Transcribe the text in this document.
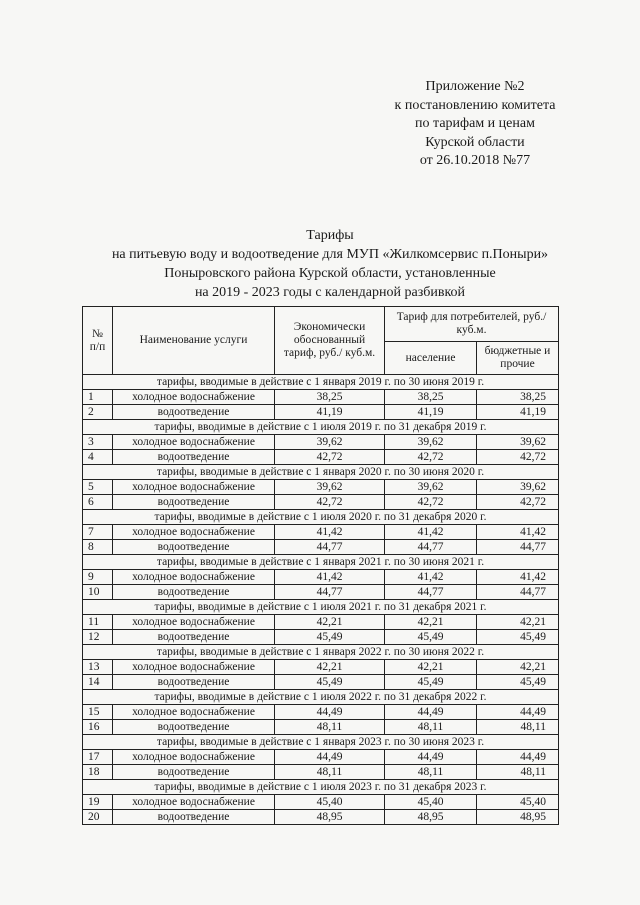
Приложение №2
к постановлению комитета
по тарифам и ценам
Курской области
от 26.10.2018 №77
Тарифы
на питьевую воду и водоотведение для МУП «Жилкомсервис п.Поныри»
Поныровского района Курской области, установленные
на 2019 - 2023 годы с календарной разбивкой
№ п/п	Наименование услуги	Экономически обоснованный тариф, руб./ куб.м.	Тариф для потребителей, руб./куб.м.	
			население	бюджетные и прочие
тарифы, вводимые в действие с 1 января 2019 г. по 30 июня 2019 г.				
1	холодное водоснабжение	38,25	38,25	38,25
2	водоотведение	41,19	41,19	41,19
тарифы, вводимые в действие с 1 июля 2019 г. по 31 декабря 2019 г.				
3	холодное водоснабжение	39,62	39,62	39,62
4	водоотведение	42,72	42,72	42,72
тарифы, вводимые в действие с 1 января 2020 г. по 30 июня 2020 г.				
5	холодное водоснабжение	39,62	39,62	39,62
6	водоотведение	42,72	42,72	42,72
тарифы, вводимые в действие с 1 июля 2020 г. по 31 декабря 2020 г.				
7	холодное водоснабжение	41,42	41,42	41,42
8	водоотведение	44,77	44,77	44,77
тарифы, вводимые в действие с 1 января 2021 г. по 30 июня 2021 г.				
9	холодное водоснабжение	41,42	41,42	41,42
10	водоотведение	44,77	44,77	44,77
тарифы, вводимые в действие с 1 июля 2021 г. по 31 декабря 2021 г.				
11	холодное водоснабжение	42,21	42,21	42,21
12	водоотведение	45,49	45,49	45,49
тарифы, вводимые в действие с 1 января 2022 г. по 30 июня 2022 г.				
13	холодное водоснабжение	42,21	42,21	42,21
14	водоотведение	45,49	45,49	45,49
тарифы, вводимые в действие с 1 июля 2022 г. по 31 декабря 2022 г.				
15	холодное водоснабжение	44,49	44,49	44,49
16	водоотведение	48,11	48,11	48,11
тарифы, вводимые в действие с 1 января 2023 г. по 30 июня 2023 г.				
17	холодное водоснабжение	44,49	44,49	44,49
18	водоотведение	48,11	48,11	48,11
тарифы, вводимые в действие с 1 июля 2023 г. по 31 декабря 2023 г.				
19	холодное водоснабжение	45,40	45,40	45,40
20	водоотведение	48,95	48,95	48,95
